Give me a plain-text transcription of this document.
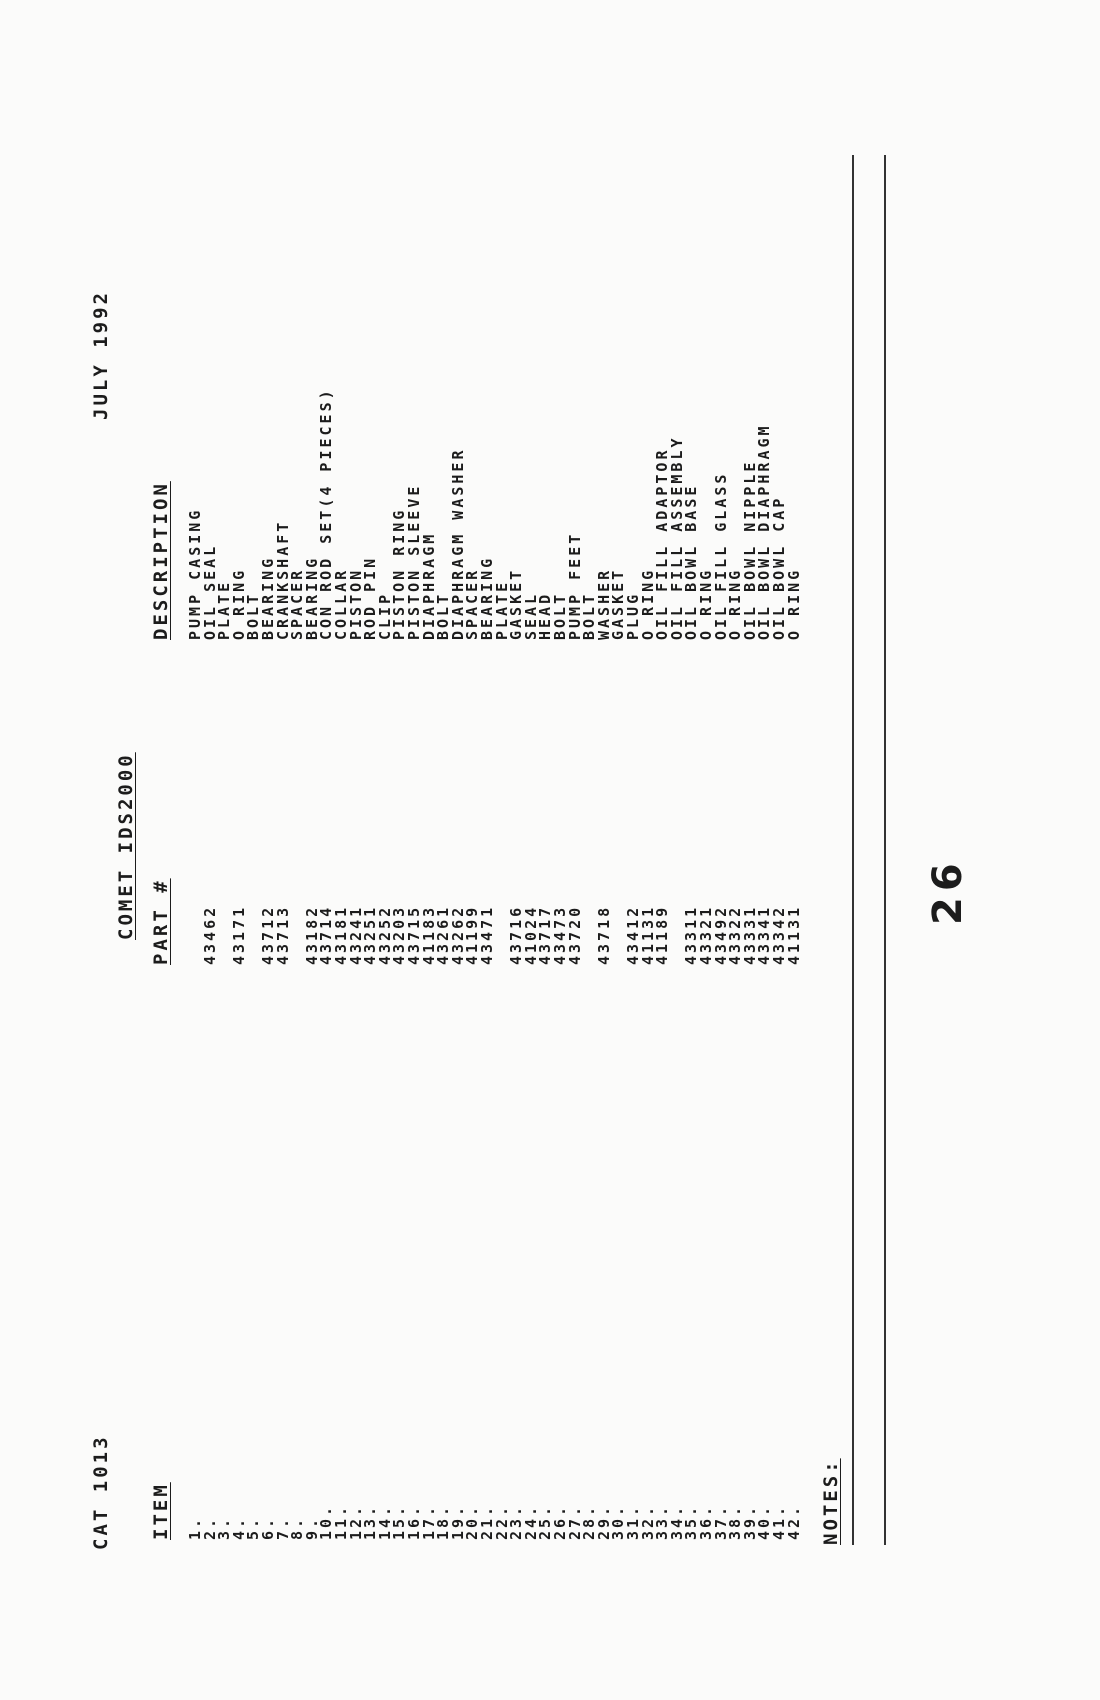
CAT 1013
COMET IDS2000
JULY 1992
ITEM
PART #
DESCRIPTION
1.
PUMP CASING
2.
43462
OIL SEAL
3.
PLATE
4.
43171
O RING
5.
BOLT
6.
43712
BEARING
7.
43713
CRANKSHAFT
8.
SPACER
9.
43182
BEARING
10.
43714
CON ROD SET(4 PIECES)
11.
43181
COLLAR
12.
43241
PISTON
13.
43251
ROD PIN
14.
43252
CLIP
15.
43203
PISTON RING
16.
43715
PISTON SLEEVE
17.
41183
DIAPHRAGM
18.
43261
BOLT
19.
43262
DIAPHRAGM WASHER
20.
41199
SPACER
21.
43471
BEARING
22.
PLATE
23.
43716
GASKET
24.
41024
SEAL
25.
43717
HEAD
26.
43473
BOLT
27.
43720
PUMP FEET
28.
BOLT
29.
43718
WASHER
30.
GASKET
31.
43412
PLUG
32.
41131
O RING
33.
41189
OIL FILL ADAPTOR
34.
OIL FILL ASSEMBLY
35.
43311
OIL BOWL BASE
36.
43321
O RING
37.
43492
OIL FILL GLASS
38.
43322
O RING
39.
43331
OIL BOWL NIPPLE
40.
43341
OIL BOWL DIAPHRAGM
41.
43342
OIL BOWL CAP
42.
41131
O RING
NOTES:
26
